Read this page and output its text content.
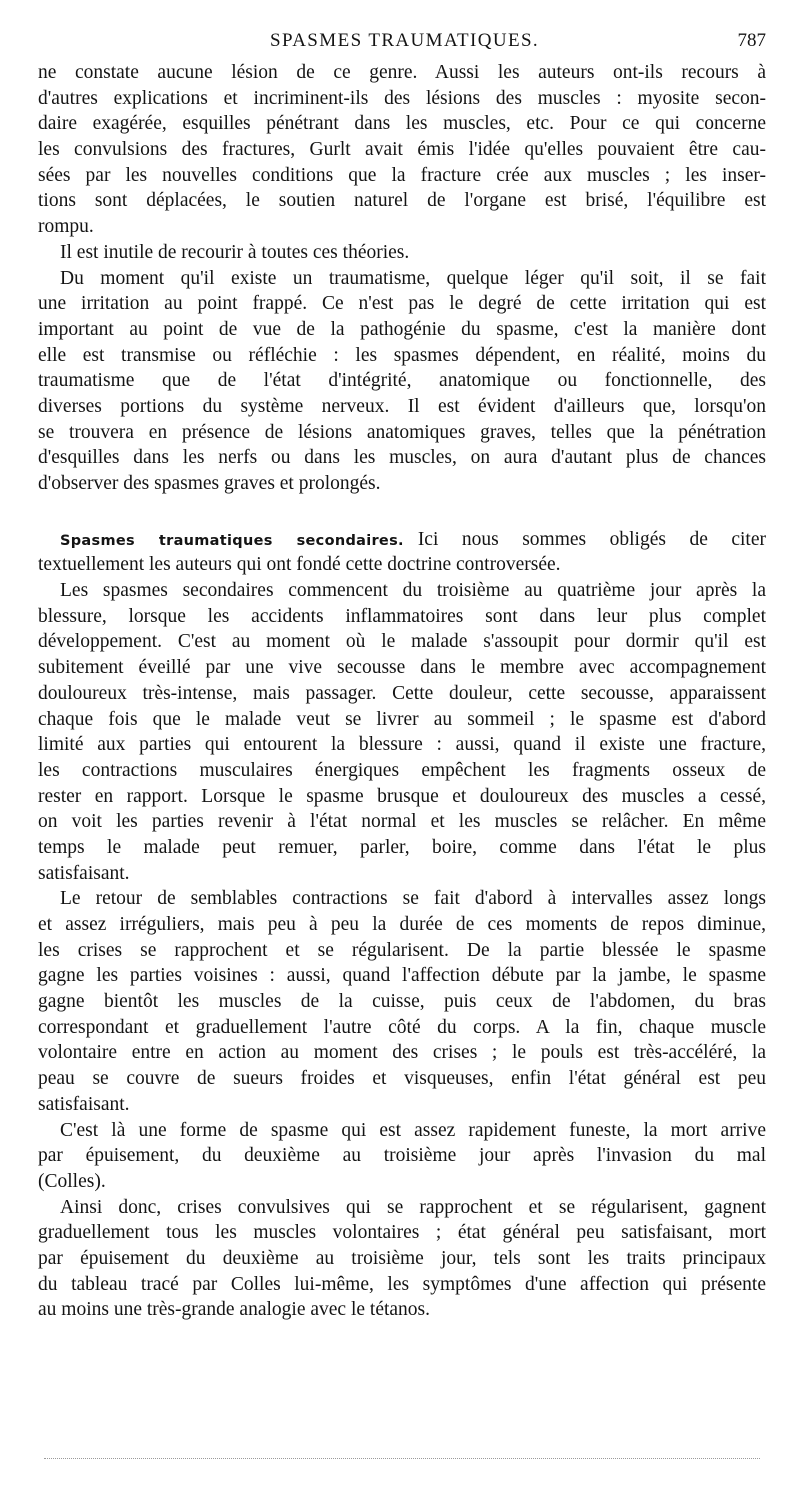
SPASMES TRAUMATIQUES.	787
ne constate aucune lésion de ce genre. Aussi les auteurs ont-ils recours à
d'autres explications et incriminent-ils des lésions des muscles : myosite secon-
daire exagérée, esquilles pénétrant dans les muscles, etc. Pour ce qui concerne
les convulsions des fractures, Gurlt avait émis l'idée qu'elles pouvaient être cau-
sées par les nouvelles conditions que la fracture crée aux muscles ; les inser-
tions sont déplacées, le soutien naturel de l'organe est brisé, l'équilibre est
rompu.
Il est inutile de recourir à toutes ces théories.
Du moment qu'il existe un traumatisme, quelque léger qu'il soit, il se fait
une irritation au point frappé. Ce n'est pas le degré de cette irritation qui est
important au point de vue de la pathogénie du spasme, c'est la manière dont
elle est transmise ou réfléchie : les spasmes dépendent, en réalité, moins du
traumatisme que de l'état d'intégrité, anatomique ou fonctionnelle, des
diverses portions du système nerveux. Il est évident d'ailleurs que, lorsqu'on
se trouvera en présence de lésions anatomiques graves, telles que la pénétration
d'esquilles dans les nerfs ou dans les muscles, on aura d'autant plus de chances
d'observer des spasmes graves et prolongés.
Spasmes traumatiques secondaires. Ici nous sommes obligés de citer
textuellement les auteurs qui ont fondé cette doctrine controversée.
Les spasmes secondaires commencent du troisième au quatrième jour après la
blessure, lorsque les accidents inflammatoires sont dans leur plus complet
développement. C'est au moment où le malade s'assoupit pour dormir qu'il est
subitement éveillé par une vive secousse dans le membre avec accompagnement
douloureux très-intense, mais passager. Cette douleur, cette secousse, apparaissent
chaque fois que le malade veut se livrer au sommeil ; le spasme est d'abord
limité aux parties qui entourent la blessure : aussi, quand il existe une fracture,
les contractions musculaires énergiques empêchent les fragments osseux de
rester en rapport. Lorsque le spasme brusque et douloureux des muscles a cessé,
on voit les parties revenir à l'état normal et les muscles se relâcher. En même
temps le malade peut remuer, parler, boire, comme dans l'état le plus
satisfaisant.
Le retour de semblables contractions se fait d'abord à intervalles assez longs
et assez irréguliers, mais peu à peu la durée de ces moments de repos diminue,
les crises se rapprochent et se régularisent. De la partie blessée le spasme
gagne les parties voisines : aussi, quand l'affection débute par la jambe, le spasme
gagne bientôt les muscles de la cuisse, puis ceux de l'abdomen, du bras
correspondant et graduellement l'autre côté du corps. A la fin, chaque muscle
volontaire entre en action au moment des crises ; le pouls est très-accéléré, la
peau se couvre de sueurs froides et visqueuses, enfin l'état général est peu
satisfaisant.
C'est là une forme de spasme qui est assez rapidement funeste, la mort arrive
par épuisement, du deuxième au troisième jour après l'invasion du mal
(Colles).
Ainsi donc, crises convulsives qui se rapprochent et se régularisent, gagnent
graduellement tous les muscles volontaires ; état général peu satisfaisant, mort
par épuisement du deuxième au troisième jour, tels sont les traits principaux
du tableau tracé par Colles lui-même, les symptômes d'une affection qui présente
au moins une très-grande analogie avec le tétanos.
